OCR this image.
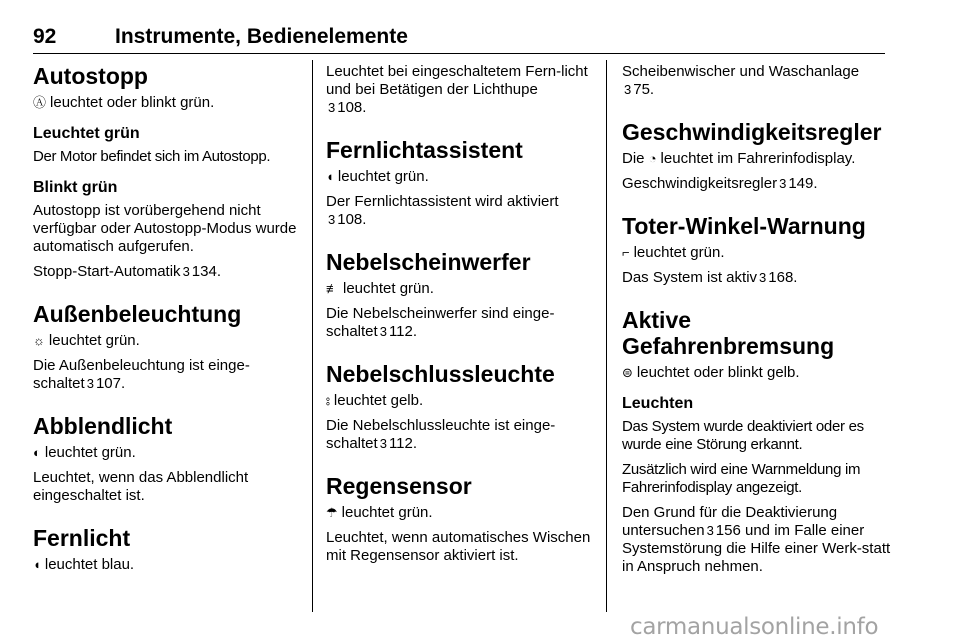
92	Instrumente, Bedienelemente
Autostopp
Ⓐ leuchtet oder blinkt grün.
Leuchtet grün
Der Motor befindet sich im Autostopp.
Blinkt grün
Autostopp ist vorübergehend nicht verfügbar oder Autostopp-Modus wurde automatisch aufgerufen.
Stopp-Start-Automatik 3 134.
Außenbeleuchtung
☼ leuchtet grün.
Die Außenbeleuchtung ist einge-schaltet 3 107.
Abblendlicht
◐ leuchtet grün.
Leuchtet, wenn das Abblendlicht eingeschaltet ist.
Fernlicht
◖ leuchtet blau.
Leuchtet bei eingeschaltetem Fern-licht und bei Betätigen der Lichthupe
3 108.
Fernlichtassistent
◖ leuchtet grün.
Der Fernlichtassistent wird aktiviert
3 108.
Nebelscheinwerfer
≢ leuchtet grün.
Die Nebelscheinwerfer sind einge-schaltet 3 112.
Nebelschlussleuchte
⦂ leuchtet gelb.
Die Nebelschlussleuchte ist einge-schaltet 3 112.
Regensensor
☂ leuchtet grün.
Leuchtet, wenn automatisches Wischen mit Regensensor aktiviert ist.
Scheibenwischer und Waschanlage
3 75.
Geschwindigkeitsregler
Die ◔ leuchtet im Fahrerinfodisplay.
Geschwindigkeitsregler 3 149.
Toter-Winkel-Warnung
⌐ leuchtet grün.
Das System ist aktiv 3 168.
Aktive Gefahrenbremsung
⊜ leuchtet oder blinkt gelb.
Leuchten
Das System wurde deaktiviert oder es wurde eine Störung erkannt.
Zusätzlich wird eine Warnmeldung im Fahrerinfodisplay angezeigt.
Den Grund für die Deaktivierung untersuchen 3 156 und im Falle einer Systemstörung die Hilfe einer Werk-statt in Anspruch nehmen.
carmanualsonline.info
